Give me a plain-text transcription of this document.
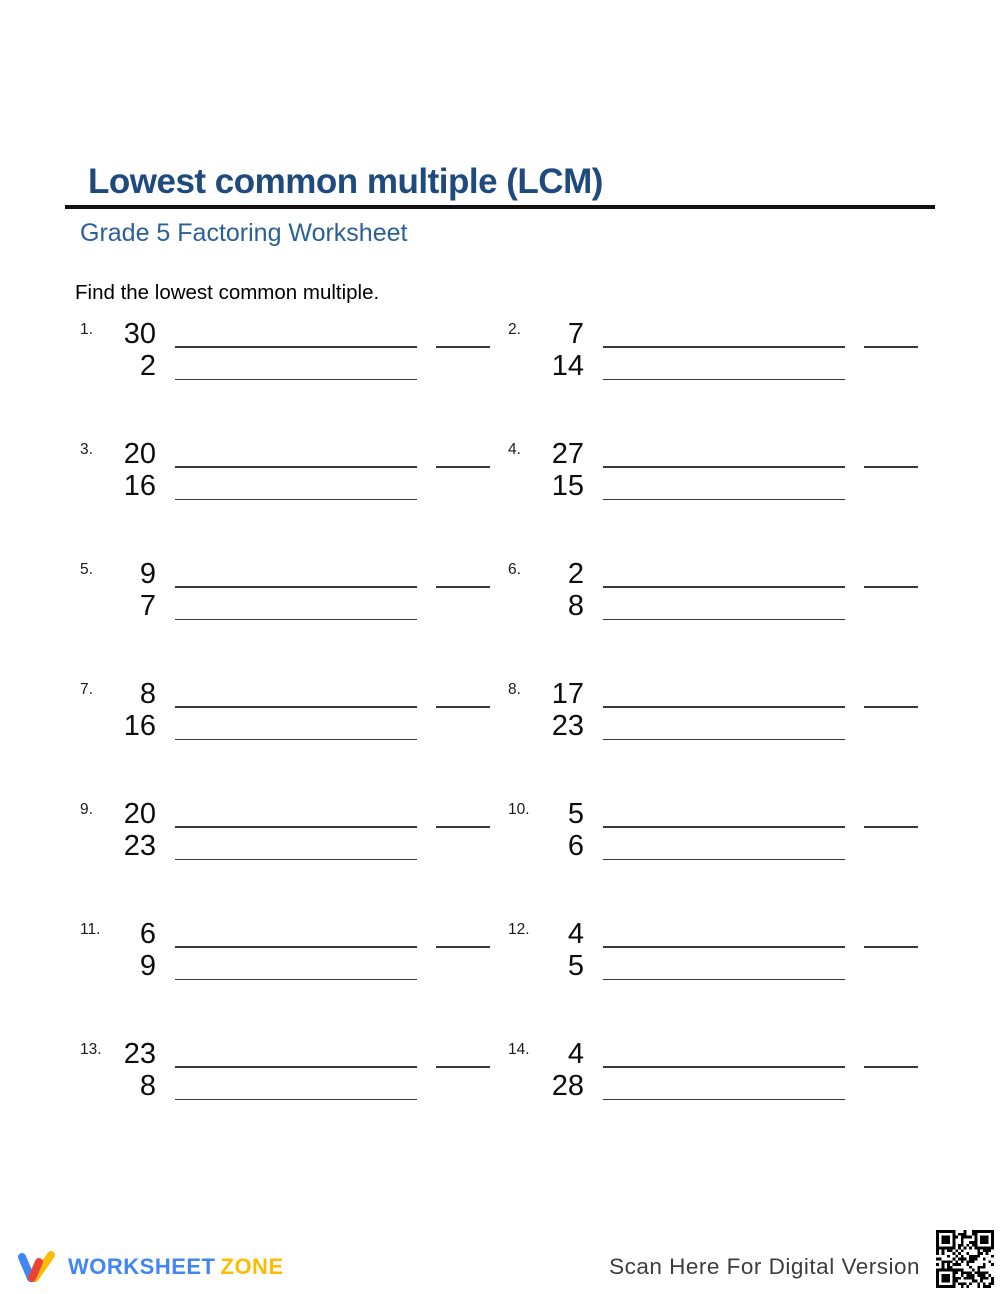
Lowest common multiple (LCM)
Grade 5 Factoring Worksheet

Find the lowest common multiple.

1.	30
2
2.	7
14
3.	20
16
4.	27
15
5.	9
7
6.	2
8
7.	8
16
8.	17
23
9.	20
23
10.	5
6
11.	6
9
12.	4
5
13. 23
8
14.	4
28
WORKSHEET ZONE	Scan Here For Digital Version
